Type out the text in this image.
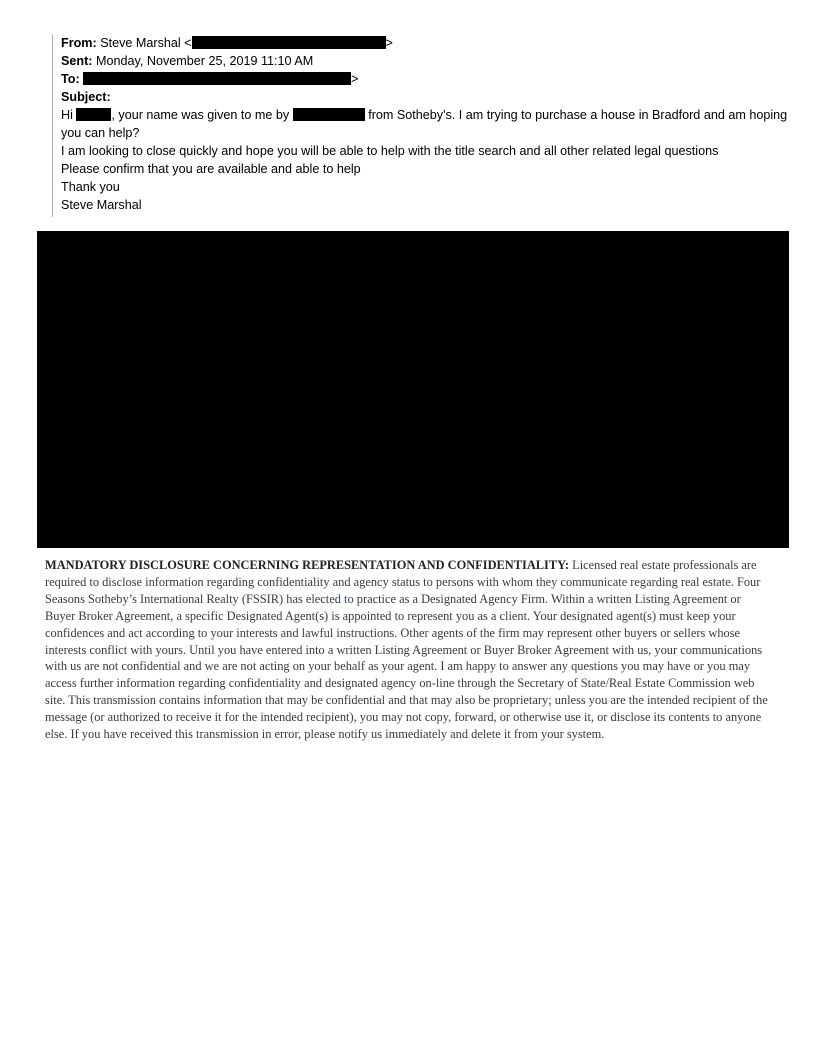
From: Steve Marshal <	>
Sent: Monday, November 25, 2019 11:10 AM
To:	>
Subject:
Hi	, your name was given to me by	from Sotheby's. I am trying to purchase a house in Bradford and am hoping you can help?
I am looking to close quickly and hope you will be able to help with the title search and all other related legal questions
Please confirm that you are available and able to help
Thank you
Steve Marshal
MANDATORY DISCLOSURE CONCERNING REPRESENTATION AND CONFIDENTIALITY: Licensed real estate professionals are required to disclose information regarding confidentiality and agency status to persons with whom they communicate regarding real estate. Four Seasons Sotheby’s International Realty (FSSIR) has elected to practice as a Designated Agency Firm. Within a written Listing Agreement or Buyer Broker Agreement, a specific Designated Agent(s) is appointed to represent you as a client. Your designated agent(s) must keep your confidences and act according to your interests and lawful instructions. Other agents of the firm may represent other buyers or sellers whose interests conflict with yours. Until you have entered into a written Listing Agreement or Buyer Broker Agreement with us, your communications with us are not confidential and we are not acting on your behalf as your agent. I am happy to answer any questions you may have or you may access further information regarding confidentiality and designated agency on-line through the Secretary of State/Real Estate Commission web site. This transmission contains information that may be confidential and that may also be proprietary; unless you are the intended recipient of the message (or authorized to receive it for the intended recipient), you may not copy, forward, or otherwise use it, or disclose its contents to anyone else. If you have received this transmission in error, please notify us immediately and delete it from your system.
